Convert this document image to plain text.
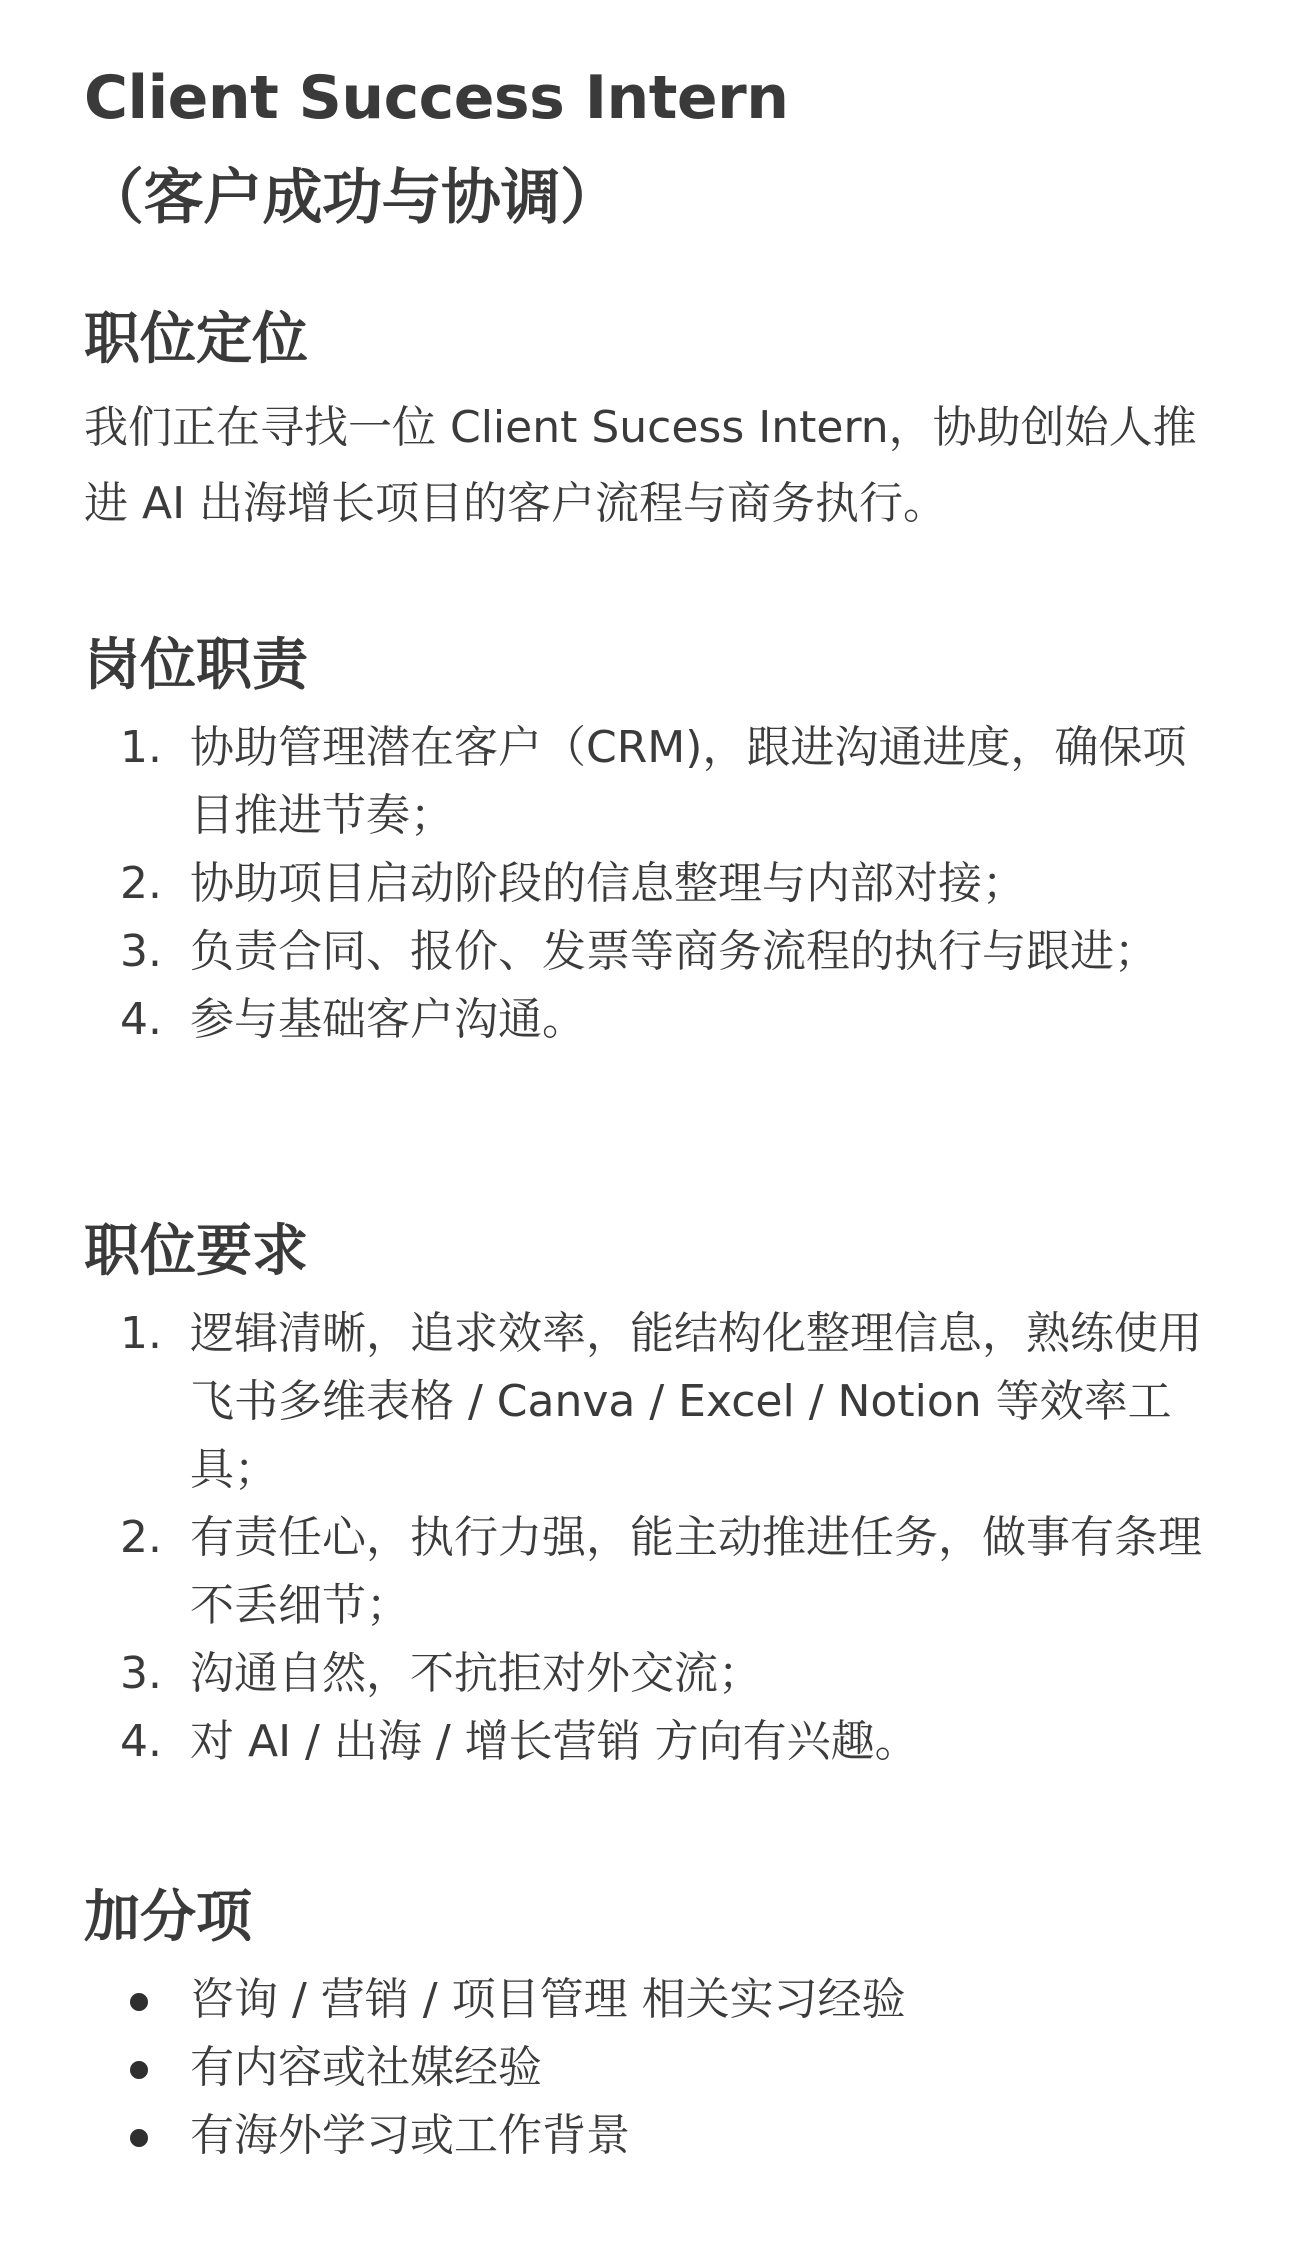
Client Success Intern
（客户成功与协调）
职位定位

我们正在寻找一位 Client Sucess Intern，协助创始人推进 AI 出海增长项目的客户流程与商务执行。

岗位职责
1. 协助管理潜在客户（CRM)，跟进沟通进度，确保项目推进节奏；
2. 协助项目启动阶段的信息整理与内部对接；
3. 负责合同、报价、发票等商务流程的执行与跟进；
4. 参与基础客户沟通。
职位要求
1. 逻辑清晰，追求效率，能结构化整理信息，熟练使用飞书多维表格 / Canva / Excel / Notion 等效率工具；
2. 有责任心，执行力强，能主动推进任务，做事有条理不丢细节；
3. 沟通自然，不抗拒对外交流；
4. 对 AI / 出海 / 增长营销 方向有兴趣。
加分项
咨询 / 营销 / 项目管理 相关实习经验
有内容或社媒经验
有海外学习或工作背景
